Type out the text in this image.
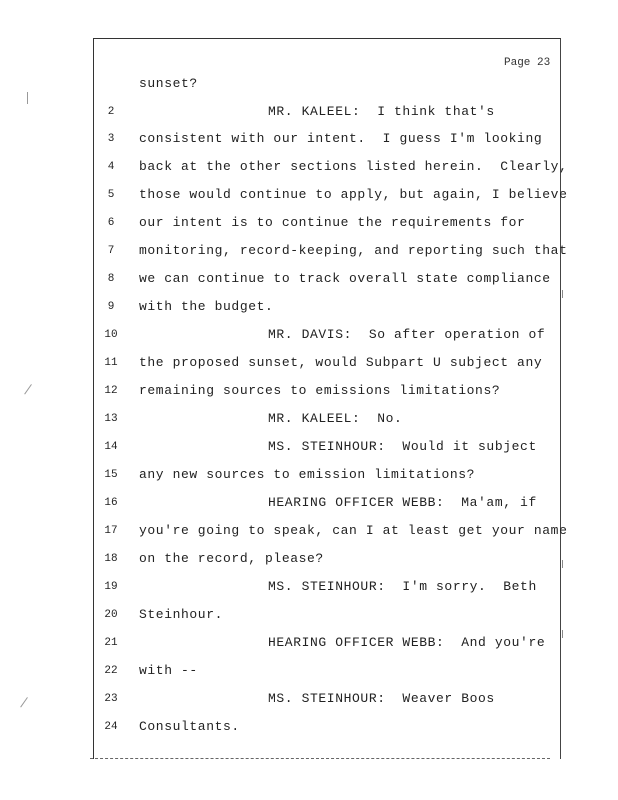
Page 23
sunset?
2	MR. KALEEL:  I think that's
3	consistent with our intent.  I guess I'm looking
4	back at the other sections listed herein.  Clearly,
5	those would continue to apply, but again, I believe
6	our intent is to continue the requirements for
7	monitoring, record-keeping, and reporting such that
8	we can continue to track overall state compliance
9	with the budget.
10	MR. DAVIS:  So after operation of
11	the proposed sunset, would Subpart U subject any
12	remaining sources to emissions limitations?
13	MR. KALEEL:  No.
14	MS. STEINHOUR:  Would it subject
15	any new sources to emission limitations?
16	HEARING OFFICER WEBB:  Ma'am, if
17	you're going to speak, can I at least get your name
18	on the record, please?
19	MS. STEINHOUR:  I'm sorry.  Beth
20	Steinhour.
21	HEARING OFFICER WEBB:  And you're
22	with --
23	MS. STEINHOUR:  Weaver Boos
24	Consultants.
